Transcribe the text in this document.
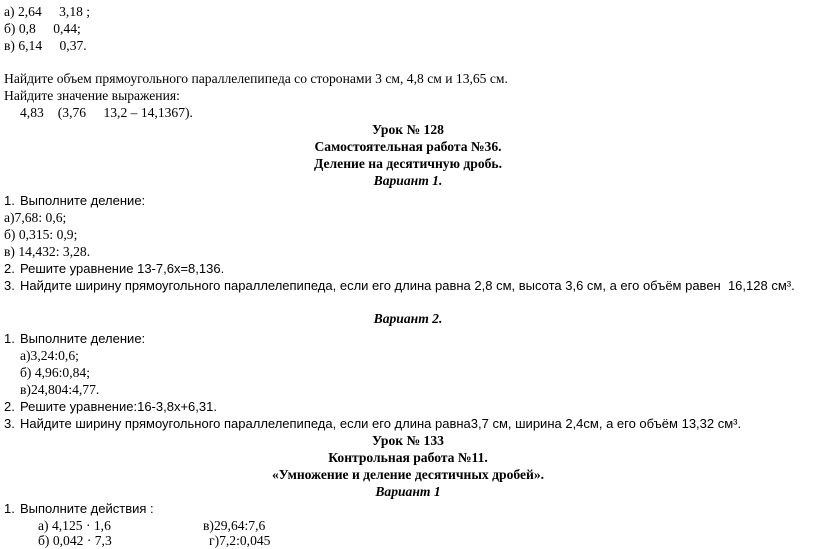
а) 2,64   3,18 ;
б) 0,8   0,44;
в) 6,14   0,37.
Найдите объем прямоугольного параллелепипеда со сторонами 3 см, 4,8 см и 13,65 см.
Найдите значение выражения:
4,83  (3,76   13,2 – 14,1367).
Урок № 128
Самостоятельная работа №36.
Деление на десятичную дробь.
Вариант 1.
1. Выполните деление:
а)7,68: 0,6;
б) 0,315: 0,9;
в) 14,432: 3,28.
2. Решите уравнение 13-7,6х=8,136.
3. Найдите ширину прямоугольного параллелепипеда, если его длина равна 2,8 см, высота 3,6 см, а его объём равен  16,128 см³.
Вариант 2.
1. Выполните деление:
а)3,24:0,6;
б) 4,96:0,84;
в)24,804:4,77.
2. Решите уравнение:16-3,8х+6,31.
3. Найдите ширину прямоугольного параллелепипеда, если его длина равна3,7 см, ширина 2,4см, а его объём 13,32 см³.
Урок № 133
Контрольная работа №11.
«Умножение и деление десятичных дробей».
Вариант 1
1. Выполните действия :
а) 4,125 · 1,6	в)29,64:7,6
б) 0,042 · 7,3	г)7,2:0,045
